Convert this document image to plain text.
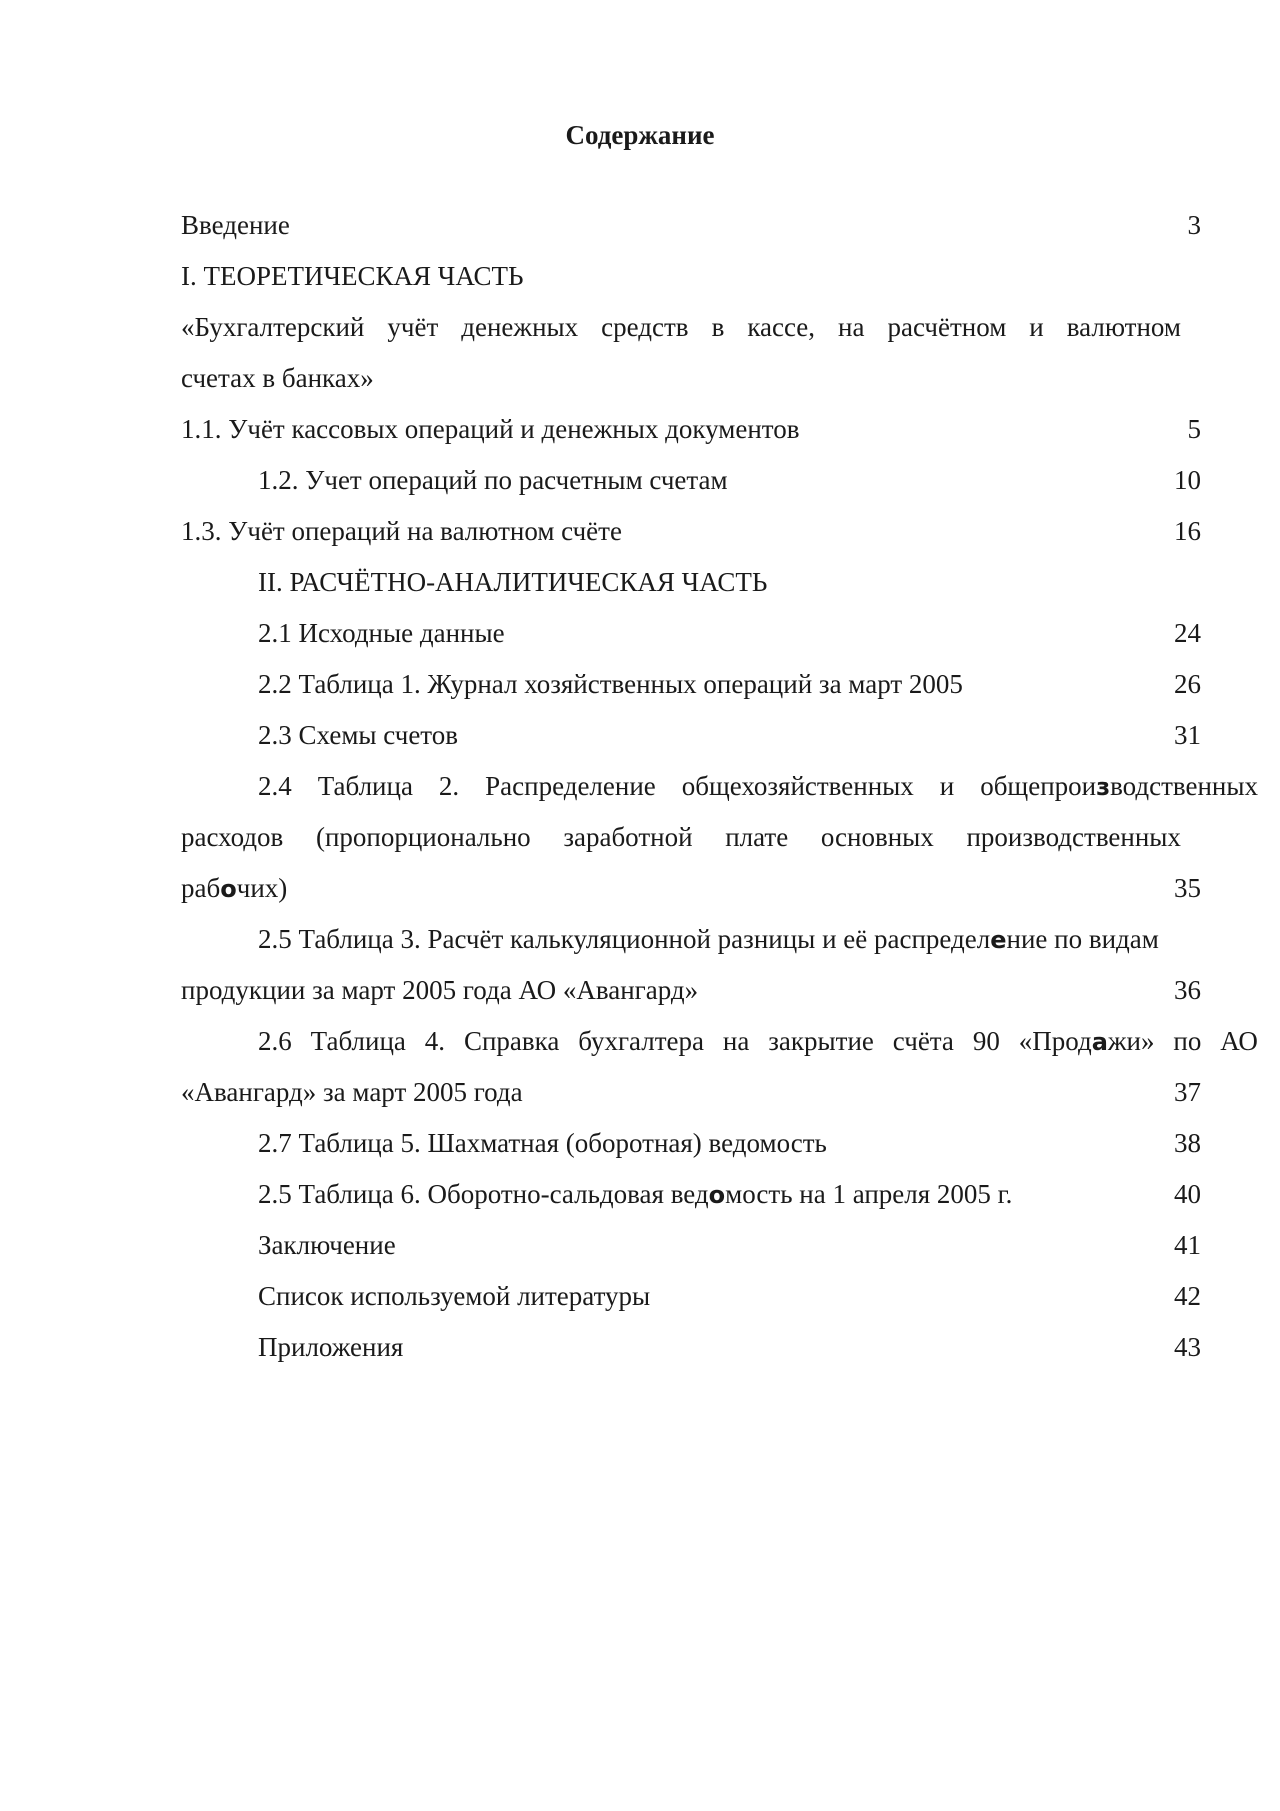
Содержание
Введение	3
I. ТЕОРЕТИЧЕСКАЯ ЧАСТЬ
«Бухгалтерский учёт денежных средств в кассе, на расчётном и валютном
счетах в банках»
1.1. Учёт кассовых операций и денежных документов	5
1.2. Учет операций по расчетным счетам	10
1.3. Учёт операций на валютном счёте	16
II. РАСЧЁТНО-АНАЛИТИЧЕСКАЯ ЧАСТЬ
2.1 Исходные данные	24
2.2 Таблица 1. Журнал хозяйственных операций за март 2005	26
2.3 Схемы счетов	31
2.4 Таблица 2. Распределение общехозяйственных и общепроизводственных
расходов (пропорционально заработной плате основных производственных
рабочих)	35
2.5 Таблица 3. Расчёт калькуляционной разницы и её распределение по видам
продукции за март 2005 года АО «Авангард»	36
2.6 Таблица 4. Справка бухгалтера на закрытие счёта 90 «Продажи» по АО
«Авангард» за март 2005 года	37
2.7 Таблица 5. Шахматная (оборотная) ведомость	38
2.5 Таблица 6. Оборотно-сальдовая ведомость на 1 апреля 2005 г.	40
Заключение	41
Список используемой литературы	42
Приложения	43
